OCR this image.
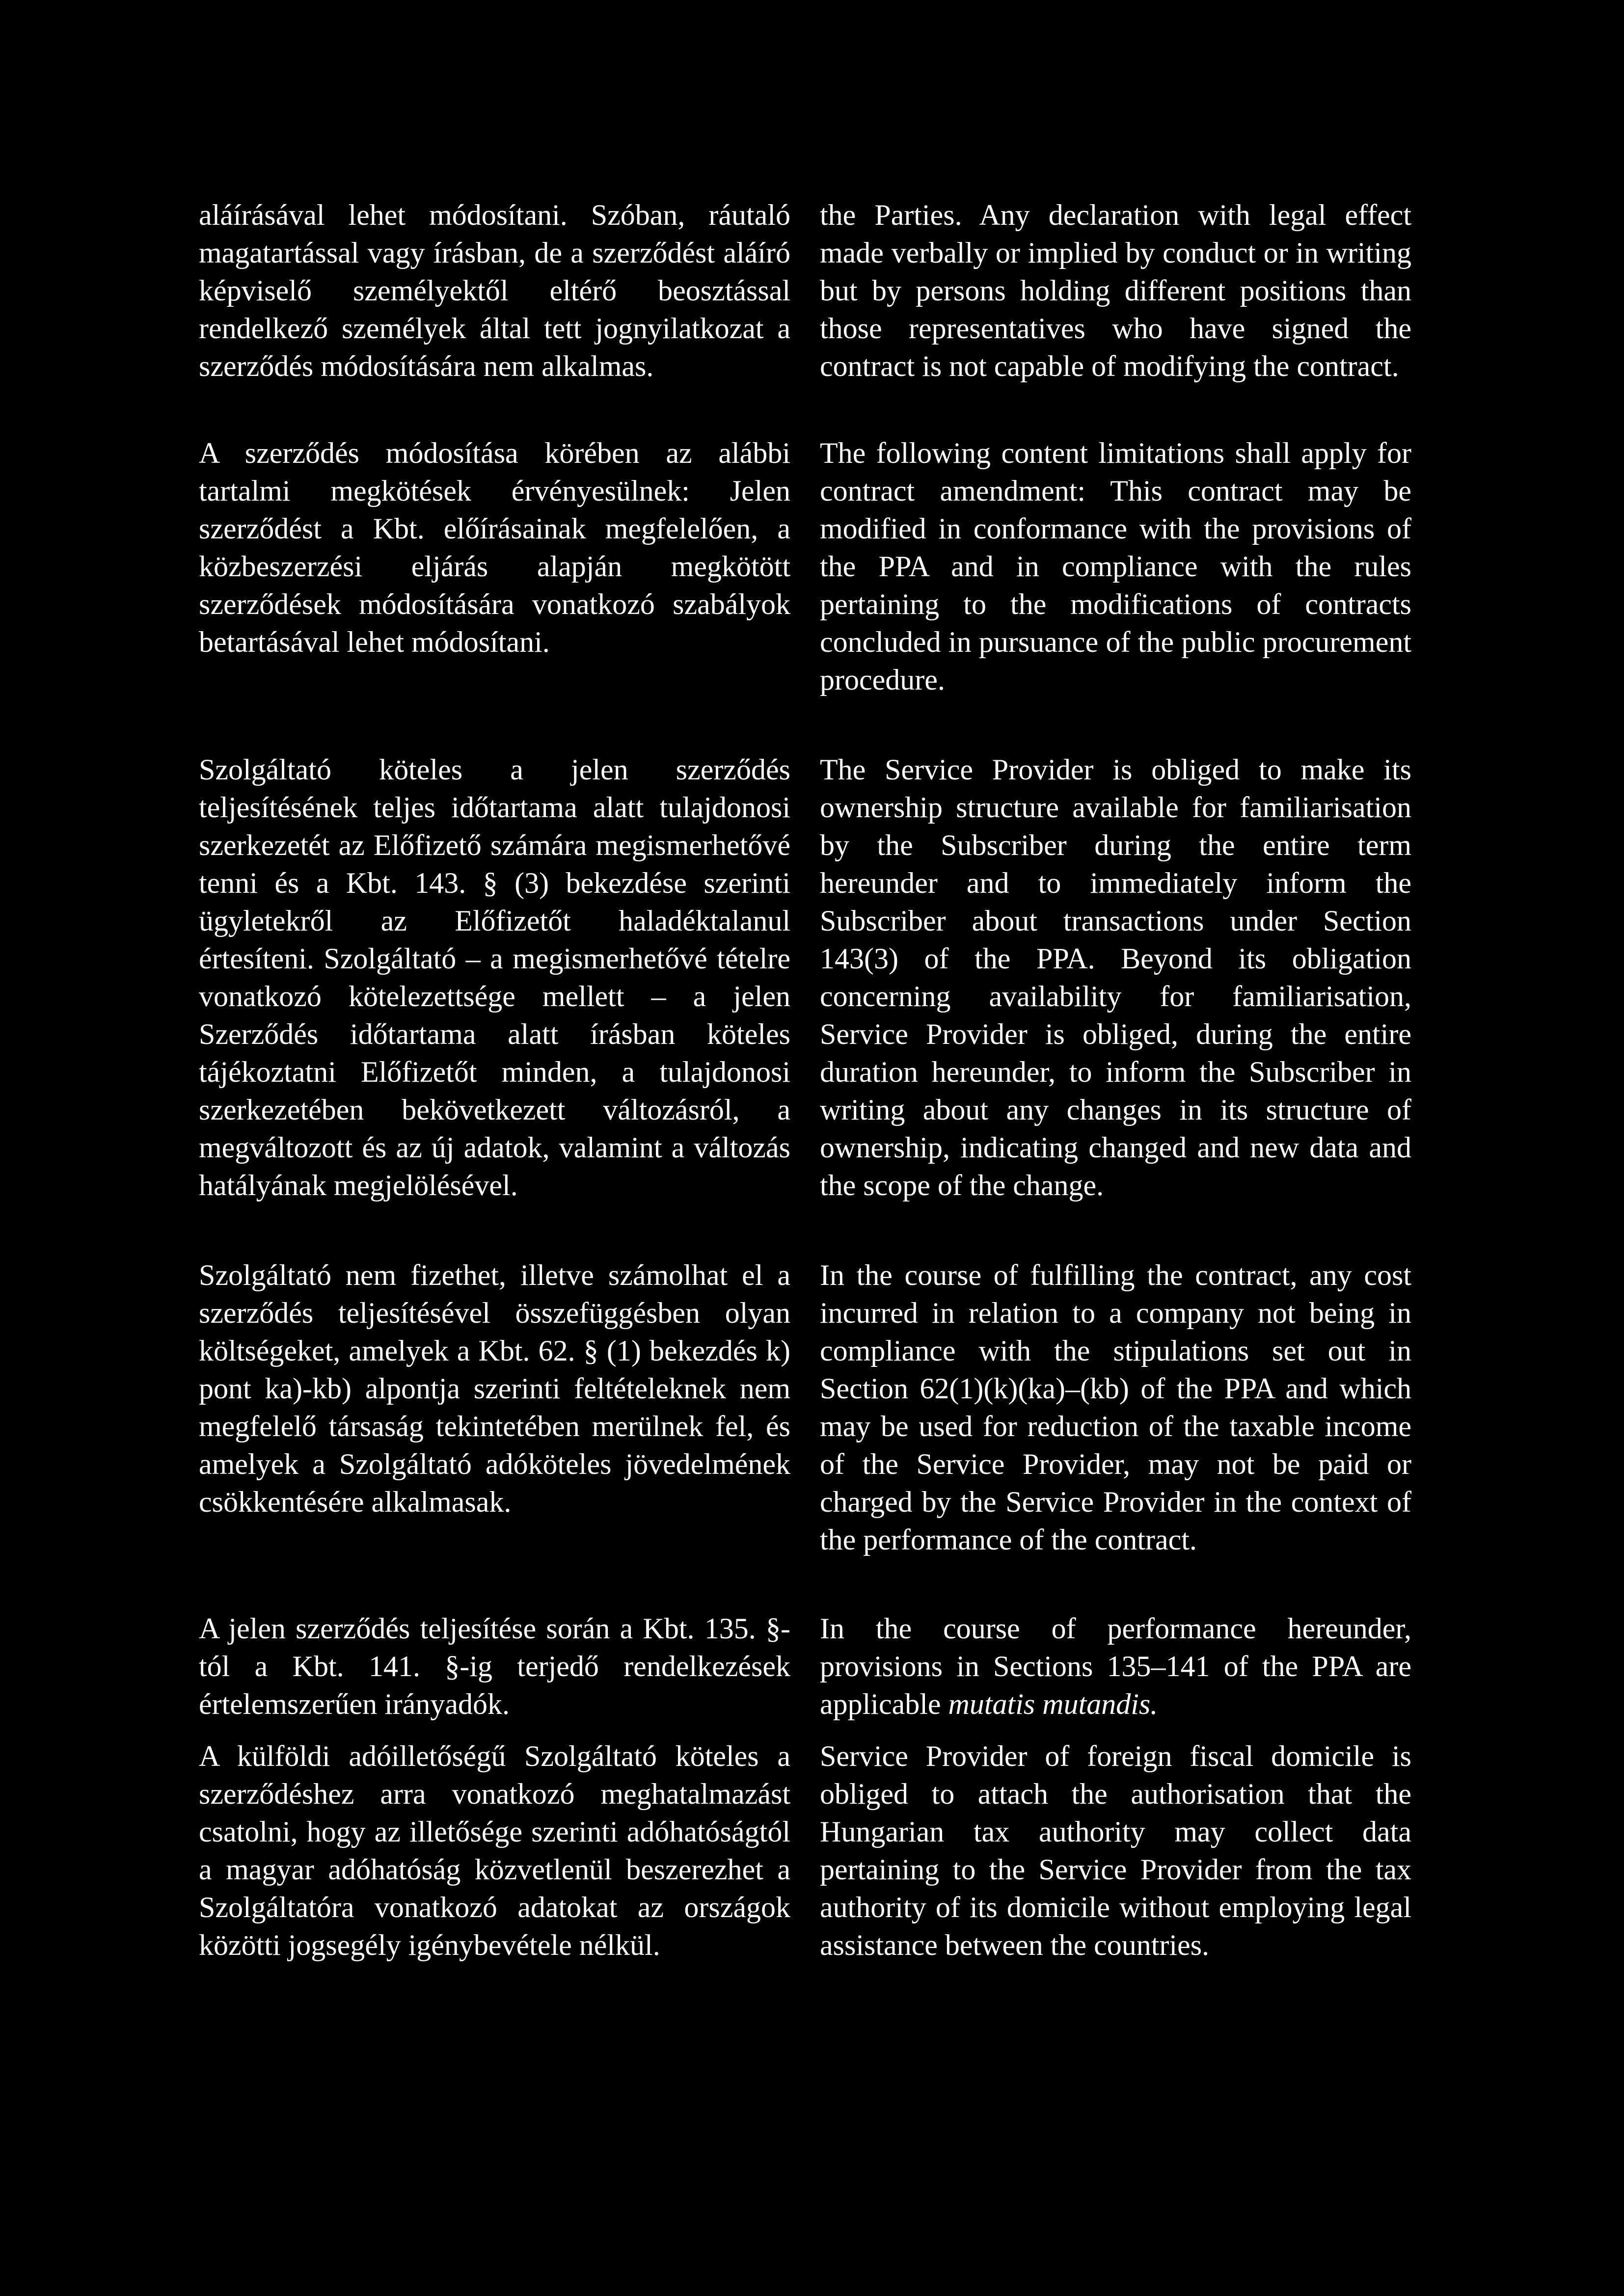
aláírásával lehet módosítani. Szóban, ráutaló magatartással vagy írásban, de a szerződést aláíró képviselő személyektől eltérő beosztással rendelkező személyek által tett jognyilatkozat a szerződés módosítására nem alkalmas.
the Parties. Any declaration with legal effect made verbally or implied by conduct or in writing but by persons holding different positions than those representatives who have signed the contract is not capable of modifying the contract.
A szerződés módosítása körében az alábbi tartalmi megkötések érvényesülnek: Jelen szerződést a Kbt. előírásainak megfelelően, a közbeszerzési eljárás alapján megkötött szerződések módosítására vonatkozó szabályok betartásával lehet módosítani.
The following content limitations shall apply for contract amendment: This contract may be modified in conformance with the provisions of the PPA and in compliance with the rules pertaining to the modifications of contracts concluded in pursuance of the public procurement procedure.
Szolgáltató köteles a jelen szerződés teljesítésének teljes időtartama alatt tulajdonosi szerkezetét az Előfizető számára megismerhetővé tenni és a Kbt. 143. § (3) bekezdése szerinti ügyletekről az Előfizetőt haladéktalanul értesíteni. Szolgáltató – a megismerhetővé tételre vonatkozó kötelezettsége mellett – a jelen Szerződés időtartama alatt írásban köteles tájékoztatni Előfizetőt minden, a tulajdonosi szerkezetében bekövetkezett változásról, a megváltozott és az új adatok, valamint a változás hatályának megjelölésével.
The Service Provider is obliged to make its ownership structure available for familiarisation by the Subscriber during the entire term hereunder and to immediately inform the Subscriber about transactions under Section 143(3) of the PPA. Beyond its obligation concerning availability for familiarisation, Service Provider is obliged, during the entire duration hereunder, to inform the Subscriber in writing about any changes in its structure of ownership, indicating changed and new data and the scope of the change.
Szolgáltató nem fizethet, illetve számolhat el a szerződés teljesítésével összefüggésben olyan költségeket, amelyek a Kbt. 62. § (1) bekezdés k) pont ka)-kb) alpontja szerinti feltételeknek nem megfelelő társaság tekintetében merülnek fel, és amelyek a Szolgáltató adóköteles jövedelmének csökkentésére alkalmasak.
In the course of fulfilling the contract, any cost incurred in relation to a company not being in compliance with the stipulations set out in Section 62(1)(k)(ka)–(kb) of the PPA and which may be used for reduction of the taxable income of the Service Provider, may not be paid or charged by the Service Provider in the context of the performance of the contract.
A jelen szerződés teljesítése során a Kbt. 135. §-tól a Kbt. 141. §-ig terjedő rendelkezések értelemszerűen irányadók.
In the course of performance hereunder, provisions in Sections 135–141 of the PPA are applicable mutatis mutandis.
A külföldi adóilletőségű Szolgáltató köteles a szerződéshez arra vonatkozó meghatalmazást csatolni, hogy az illetősége szerinti adóhatóságtól a magyar adóhatóság közvetlenül beszerezhet a Szolgáltatóra vonatkozó adatokat az országok közötti jogsegély igénybevétele nélkül.
Service Provider of foreign fiscal domicile is obliged to attach the authorisation that the Hungarian tax authority may collect data pertaining to the Service Provider from the tax authority of its domicile without employing legal assistance between the countries.
